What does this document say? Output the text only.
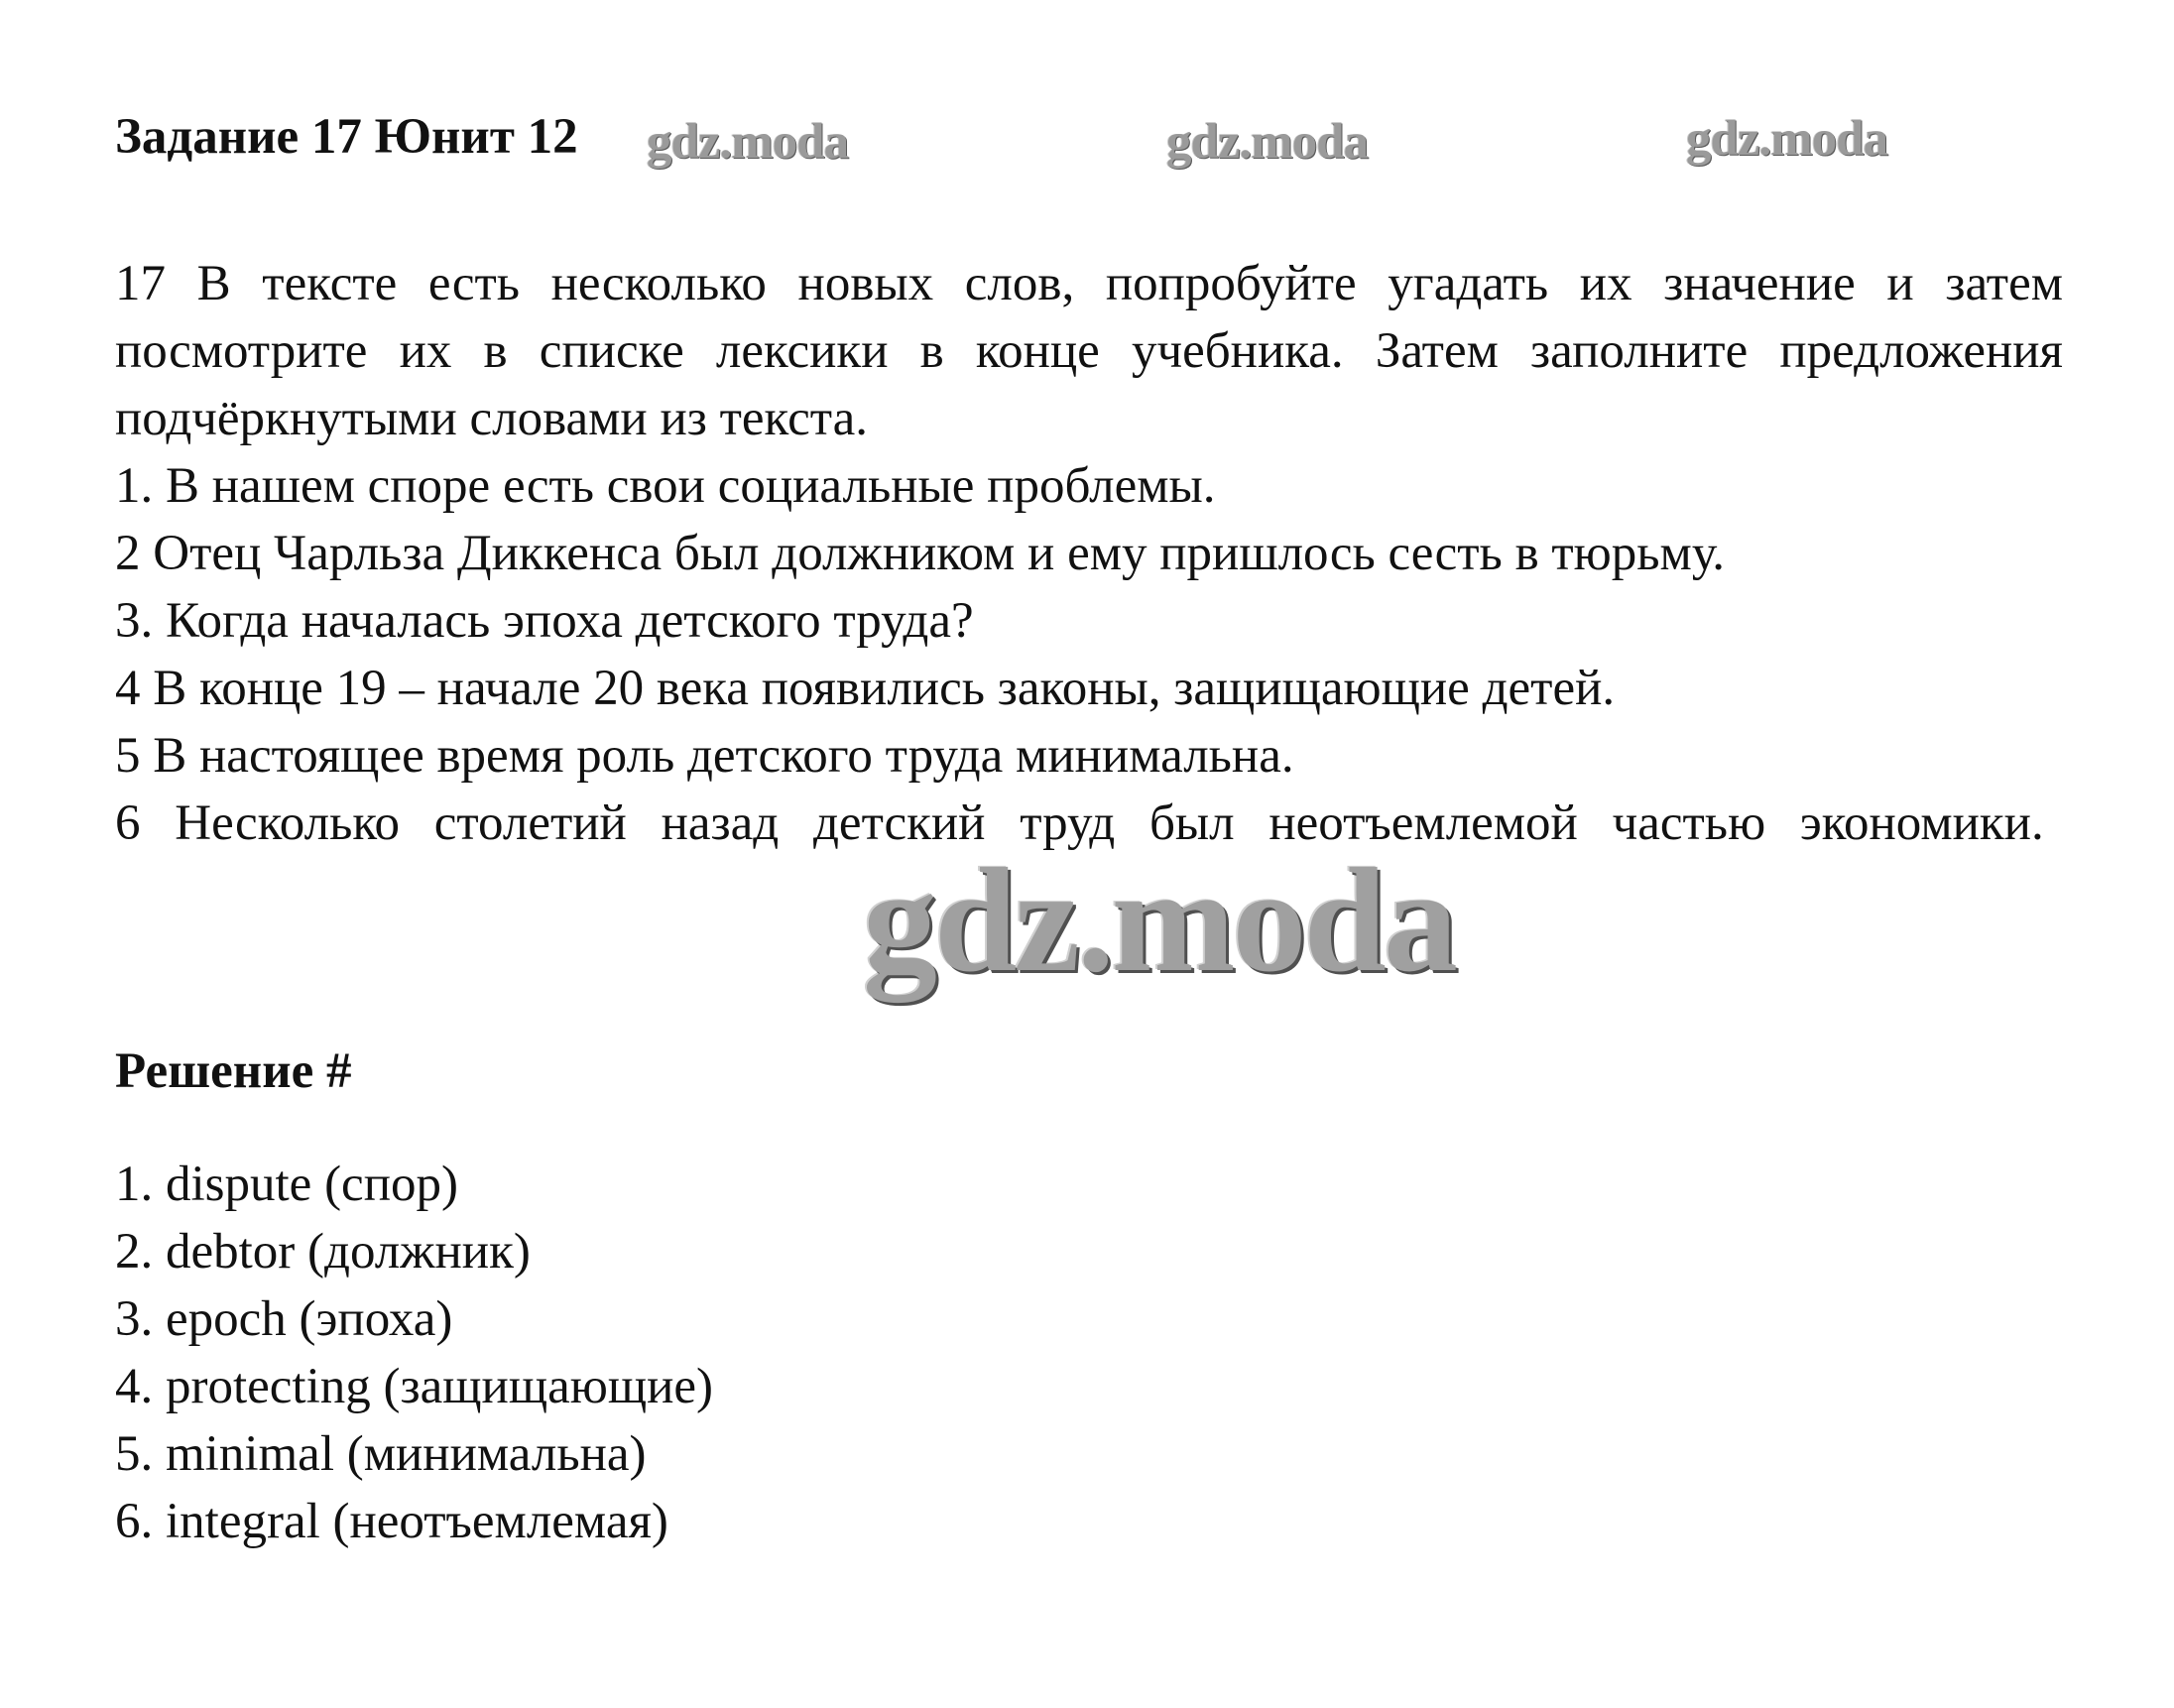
Задание 17 Юнит 12 gdz.moda	gdz.moda	gdz.moda

17 В тексте есть несколько новых слов, попробуйте угадать их значение и затем посмотрите их в списке лексики в конце учебника. Затем заполните предложения подчёркнутыми словами из текста.

1. В нашем споре есть свои социальные проблемы.

2 Отец Чарльза Диккенса был должником и ему пришлось сесть в тюрьму.

3. Когда началась эпоха детского труда?

4 В конце 19 – начале 20 века появились законы, защищающие детей.

5 В настоящее время роль детского труда минимальна.

6 Несколько столетий назад детский труд был неотъемлемой частью экономики.

gdz.moda
Решение #
1. dispute (спор)
2. debtor (должник)
3. epoch (эпоха)
4. protecting (защищающие)
5. minimal (минимальна)
6. integral (неотъемлемая)
